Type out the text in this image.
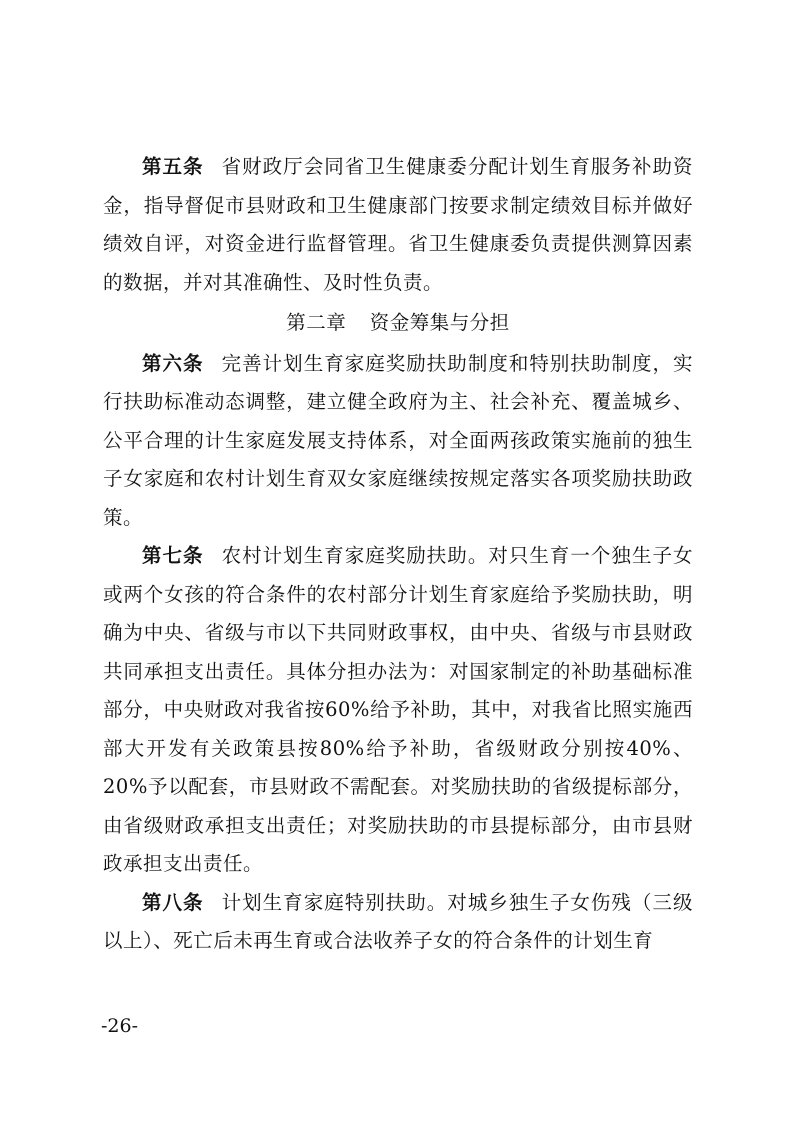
第五条 省财政厅会同省卫生健康委分配计划生育服务补助资金，指导督促市县财政和卫生健康部门按要求制定绩效目标并做好绩效自评，对资金进行监督管理。省卫生健康委负责提供测算因素的数据，并对其准确性、及时性负责。

第二章 资金筹集与分担

第六条 完善计划生育家庭奖励扶助制度和特别扶助制度，实行扶助标准动态调整，建立健全政府为主、社会补充、覆盖城乡、公平合理的计生家庭发展支持体系，对全面两孩政策实施前的独生子女家庭和农村计划生育双女家庭继续按规定落实各项奖励扶助政策。

第七条 农村计划生育家庭奖励扶助。对只生育一个独生子女或两个女孩的符合条件的农村部分计划生育家庭给予奖励扶助，明确为中央、省级与市以下共同财政事权，由中央、省级与市县财政共同承担支出责任。具体分担办法为：对国家制定的补助基础标准部分，中央财政对我省按60%给予补助，其中，对我省比照实施西部大开发有关政策县按80%给予补助，省级财政分别按40%、20%予以配套，市县财政不需配套。对奖励扶助的省级提标部分，由省级财政承担支出责任；对奖励扶助的市县提标部分，由市县财政承担支出责任。

第八条 计划生育家庭特别扶助。对城乡独生子女伤残（三级以上）、死亡后未再生育或合法收养子女的符合条件的计划生育

-26-
